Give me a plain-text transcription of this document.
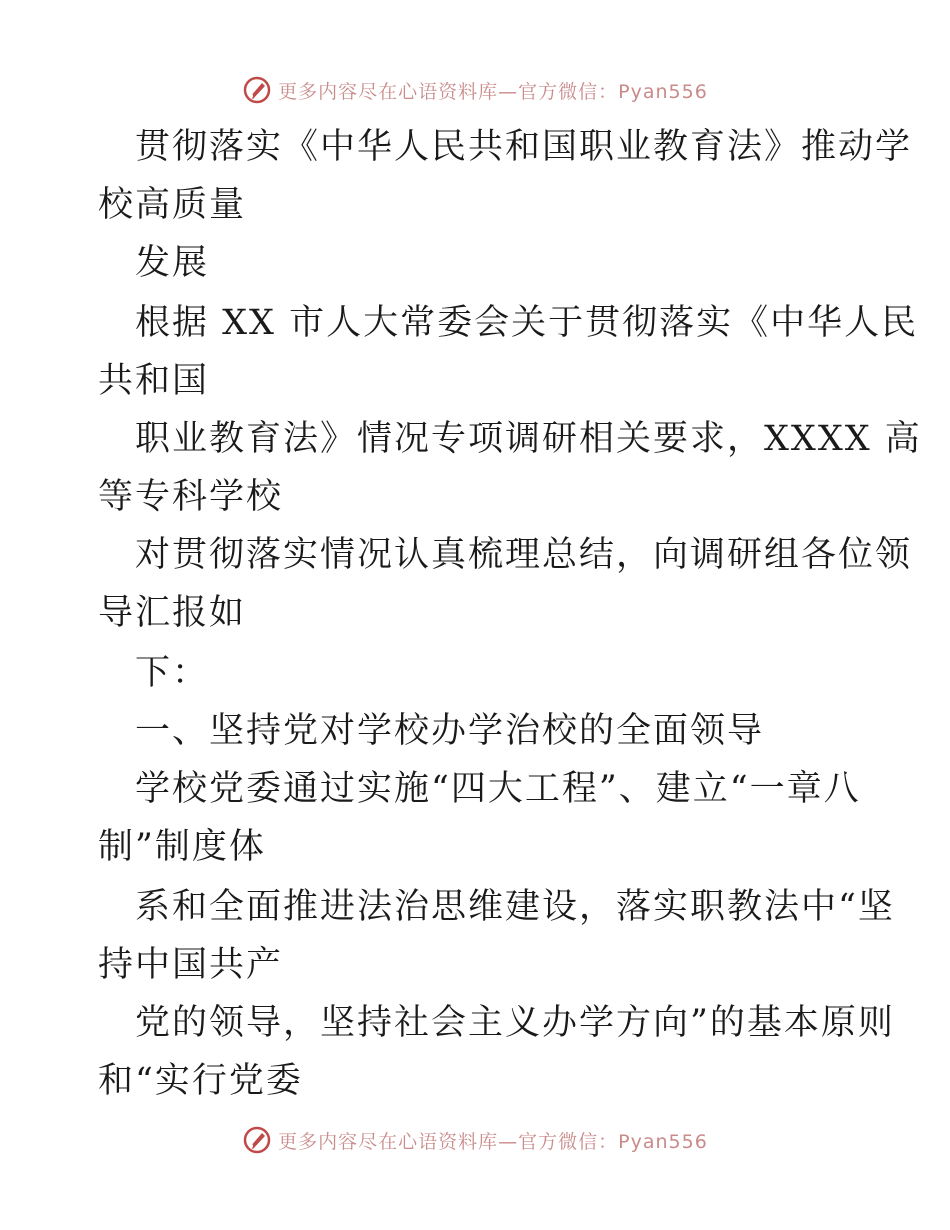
更多内容尽在心语资料库—官方微信：Pyan556
贯彻落实《中华人民共和国职业教育法》推动学
校高质量
发展
根据 XX 市人大常委会关于贯彻落实《中华人民
共和国
职业教育法》情况专项调研相关要求，XXXX 高
等专科学校
对贯彻落实情况认真梳理总结，向调研组各位领
导汇报如
下：
一、坚持党对学校办学治校的全面领导
学校党委通过实施“四大工程”、建立“一章八
制”制度体
系和全面推进法治思维建设，落实职教法中“坚
持中国共产
党的领导，坚持社会主义办学方向”的基本原则
和“实行党委
更多内容尽在心语资料库—官方微信：Pyan556
